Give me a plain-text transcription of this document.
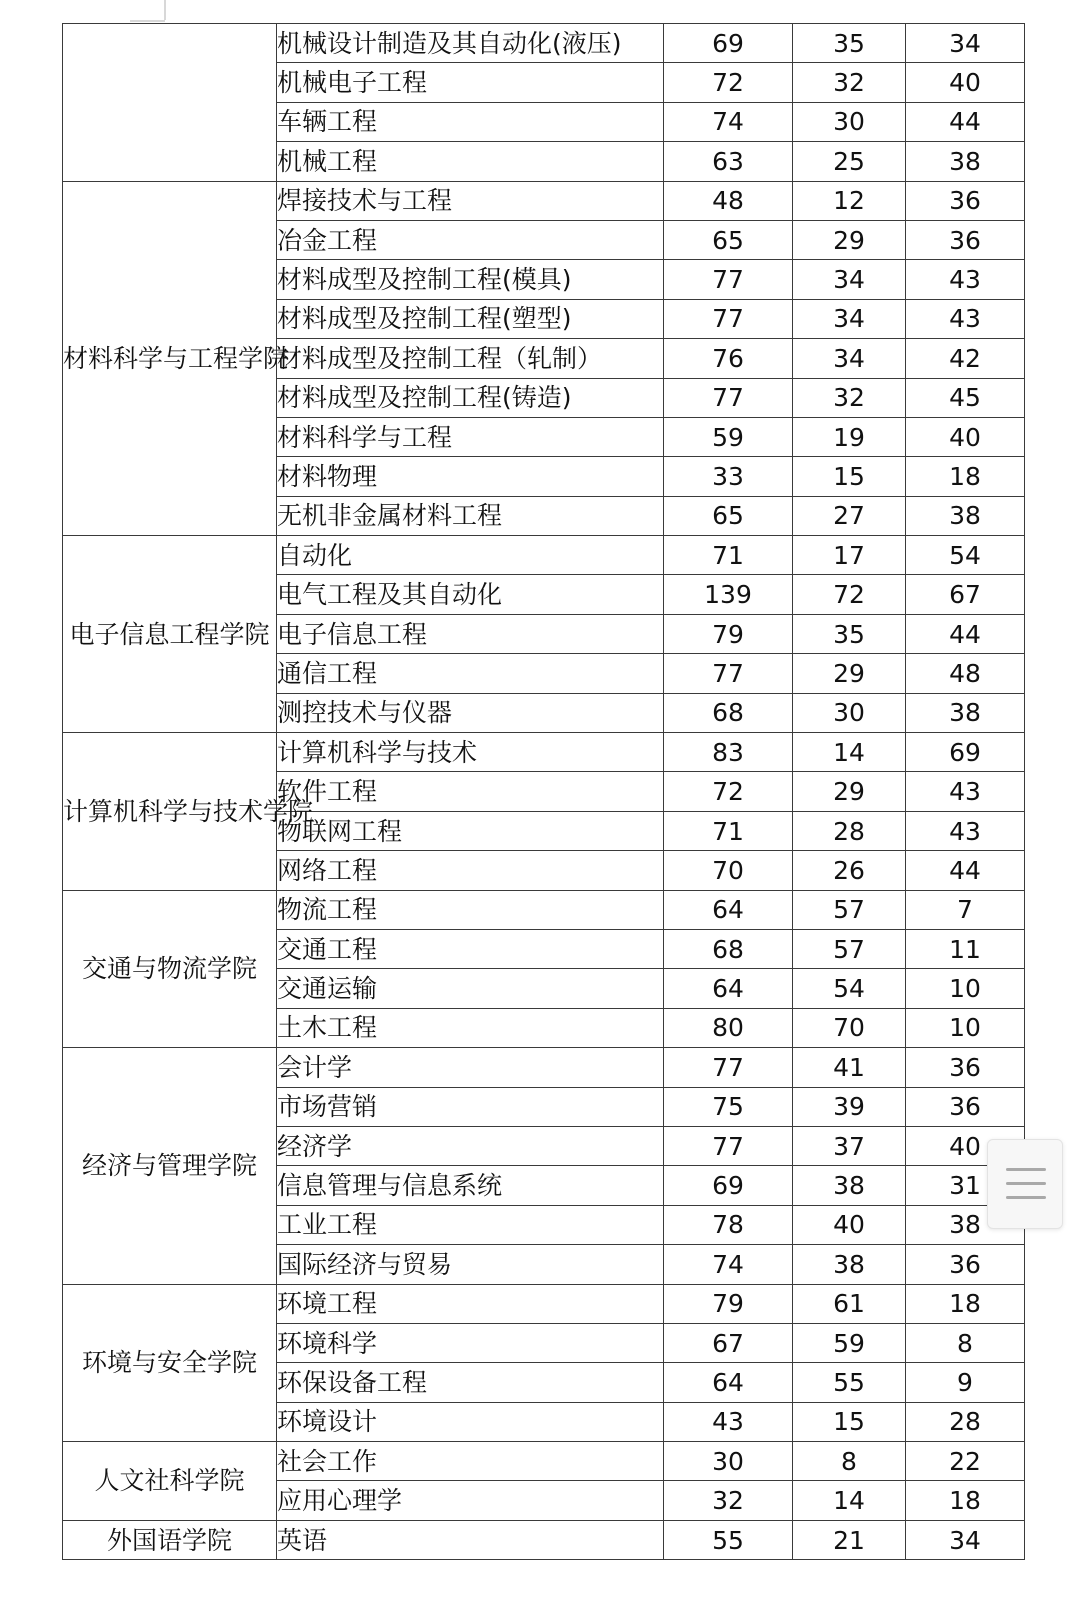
	机械设计制造及其自动化(液压)	69	35	34
	机械电子工程	72	32	40
	车辆工程	74	30	44
	机械工程	63	25	38
材料科学与工程学院	焊接技术与工程	48	12	36
	冶金工程	65	29	36
	材料成型及控制工程(模具)	77	34	43
	材料成型及控制工程(塑型)	77	34	43
	材料成型及控制工程（轧制）	76	34	42
	材料成型及控制工程(铸造)	77	32	45
	材料科学与工程	59	19	40
	材料物理	33	15	18
	无机非金属材料工程	65	27	38
电子信息工程学院	自动化	71	17	54
	电气工程及其自动化	139	72	67
	电子信息工程	79	35	44
	通信工程	77	29	48
	测控技术与仪器	68	30	38
计算机科学与技术学院	计算机科学与技术	83	14	69
	软件工程	72	29	43
	物联网工程	71	28	43
	网络工程	70	26	44
交通与物流学院	物流工程	64	57	7
	交通工程	68	57	11
	交通运输	64	54	10
	土木工程	80	70	10
经济与管理学院	会计学	77	41	36
	市场营销	75	39	36
	经济学	77	37	40
	信息管理与信息系统	69	38	31
	工业工程	78	40	38
	国际经济与贸易	74	38	36
环境与安全学院	环境工程	79	61	18
	环境科学	67	59	8
	环保设备工程	64	55	9
	环境设计	43	15	28
人文社科学院	社会工作	30	8	22
	应用心理学	32	14	18
外国语学院	英语	55	21	34
